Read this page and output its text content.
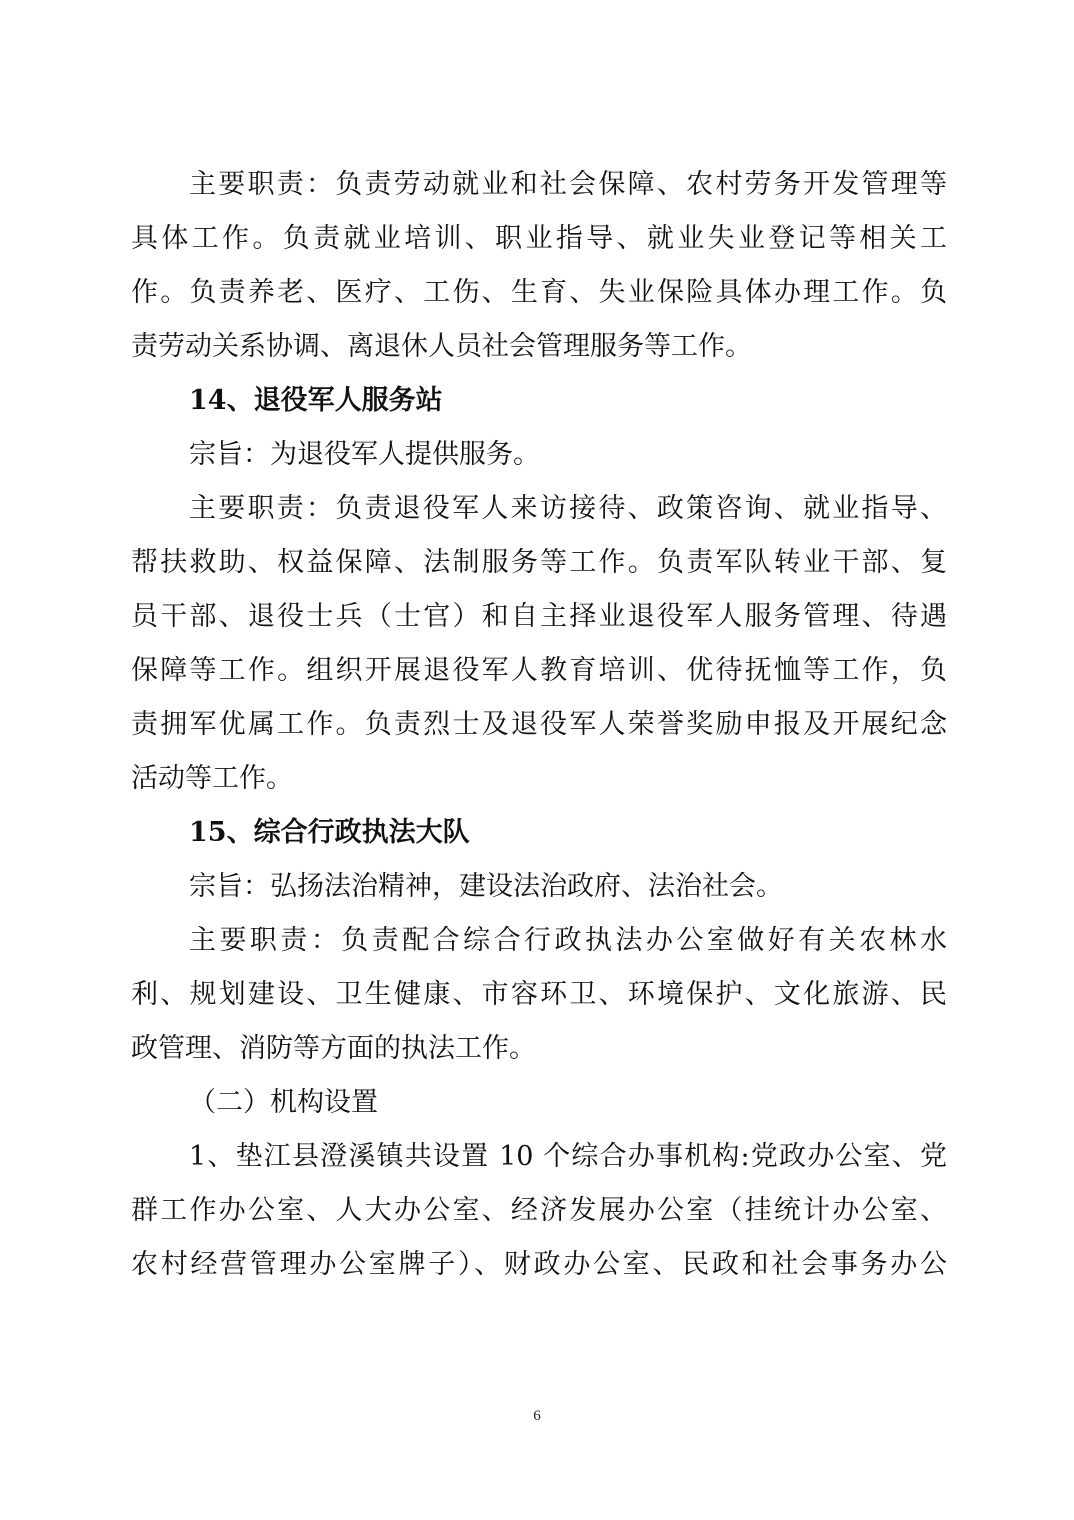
主要职责：负责劳动就业和社会保障、农村劳务开发管理等
具体工作。负责就业培训、职业指导、就业失业登记等相关工
作。负责养老、医疗、工伤、生育、失业保险具体办理工作。负
责劳动关系协调、离退休人员社会管理服务等工作。
14、退役军人服务站
宗旨：为退役军人提供服务。
主要职责：负责退役军人来访接待、政策咨询、就业指导、
帮扶救助、权益保障、法制服务等工作。负责军队转业干部、复
员干部、退役士兵（士官）和自主择业退役军人服务管理、待遇
保障等工作。组织开展退役军人教育培训、优待抚恤等工作，负
责拥军优属工作。负责烈士及退役军人荣誉奖励申报及开展纪念
活动等工作。
15、综合行政执法大队
宗旨：弘扬法治精神，建设法治政府、法治社会。
主要职责：负责配合综合行政执法办公室做好有关农林水
利、规划建设、卫生健康、市容环卫、环境保护、文化旅游、民
政管理、消防等方面的执法工作。
（二）机构设置
1、垫江县澄溪镇共设置 10 个综合办事机构:党政办公室、党
群工作办公室、人大办公室、经济发展办公室（挂统计办公室、
农村经营管理办公室牌子）、财政办公室、民政和社会事务办公
6
